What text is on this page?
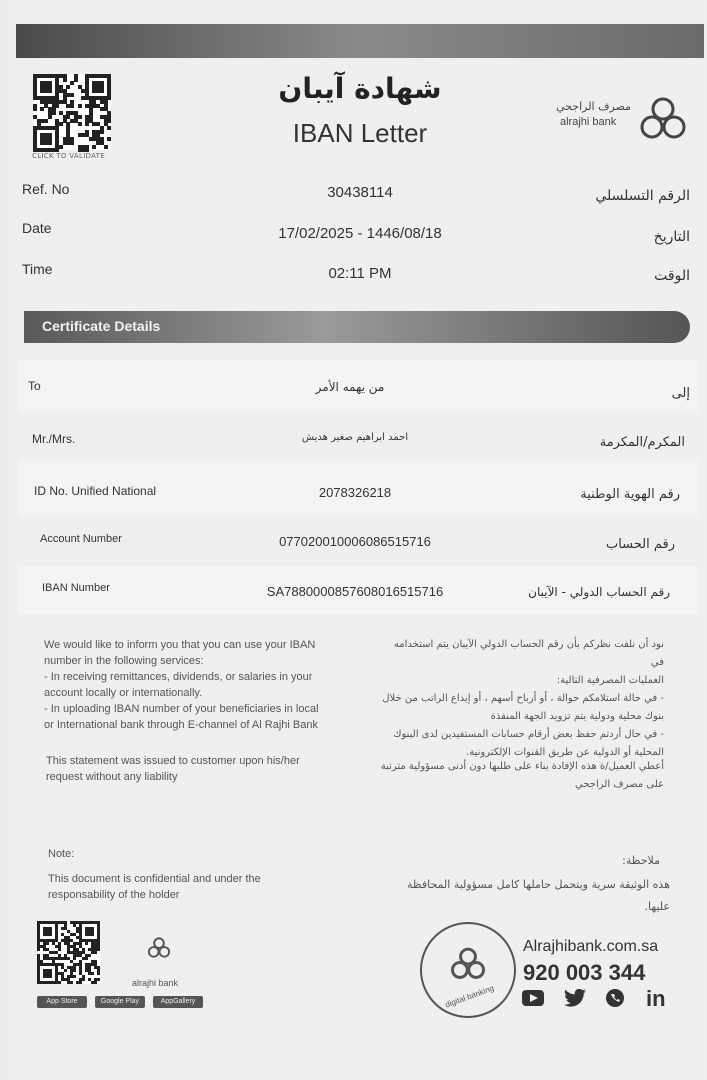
CLICK TO VALIDATE
شهادة آيبان
IBAN Letter
مصرف الراجحي
alrajhi bank
Ref. No	30438114	الرقم التسلسلي
Date	17/02/2025 - 1446/08/18	التاريخ
Time	02:11 PM	الوقت
Certificate Details
To	من يهمه الأمر	إلى
Mr./Mrs.	احمد ابراهيم صغير هديش	المكرم/المكرمة
ID No. Unified National	2078326218	رقم الهوية الوطنية
Account Number	077020010006086515716	رقم الحساب
IBAN Number	SA7880000857608016515716	رقم الحساب الدولي - الآيبان
We would like to inform you that you can use your IBAN
number in the following services:
- In receiving remittances, dividends, or salaries in your
account locally or internationally.
- In uploading IBAN number of your beneficiaries in local
or International bank through E-channel of Al Rajhi Bank
نود أن نلفت نظركم بأن رقم الحساب الدولي الآيبان يتم استخدامه في
العمليات المصرفية التالية:
- في حالة استلامكم حوالة ، أو أرباح أسهم ، أو إيداع الراتب من خلال
بنوك محلية ودولية يتم تزويد الجهة المنفذة
- في حال أردتم حفظ بعض أرقام حسابات المستفيدين لدى البنوك
المحلية أو الدولية عن طريق القنوات الإلكترونية.
This statement was issued to customer upon his/her
request without any liability
أعطي العميل/ة هذه الإفادة بناء على طلبها دون أدنى مسؤولية مترتبة
على مصرف الراجحي
Note:
This document is confidential and under the
responsability of the holder
ملاحظة:
هذه الوثيقة سرية ويتحمل حاملها كامل مسؤولية المحافظة
عليها.
alrajhi bank
App Store	Google Play	AppGallery	digital banking
Alrajhibank.com.sa
920 003 344
in
